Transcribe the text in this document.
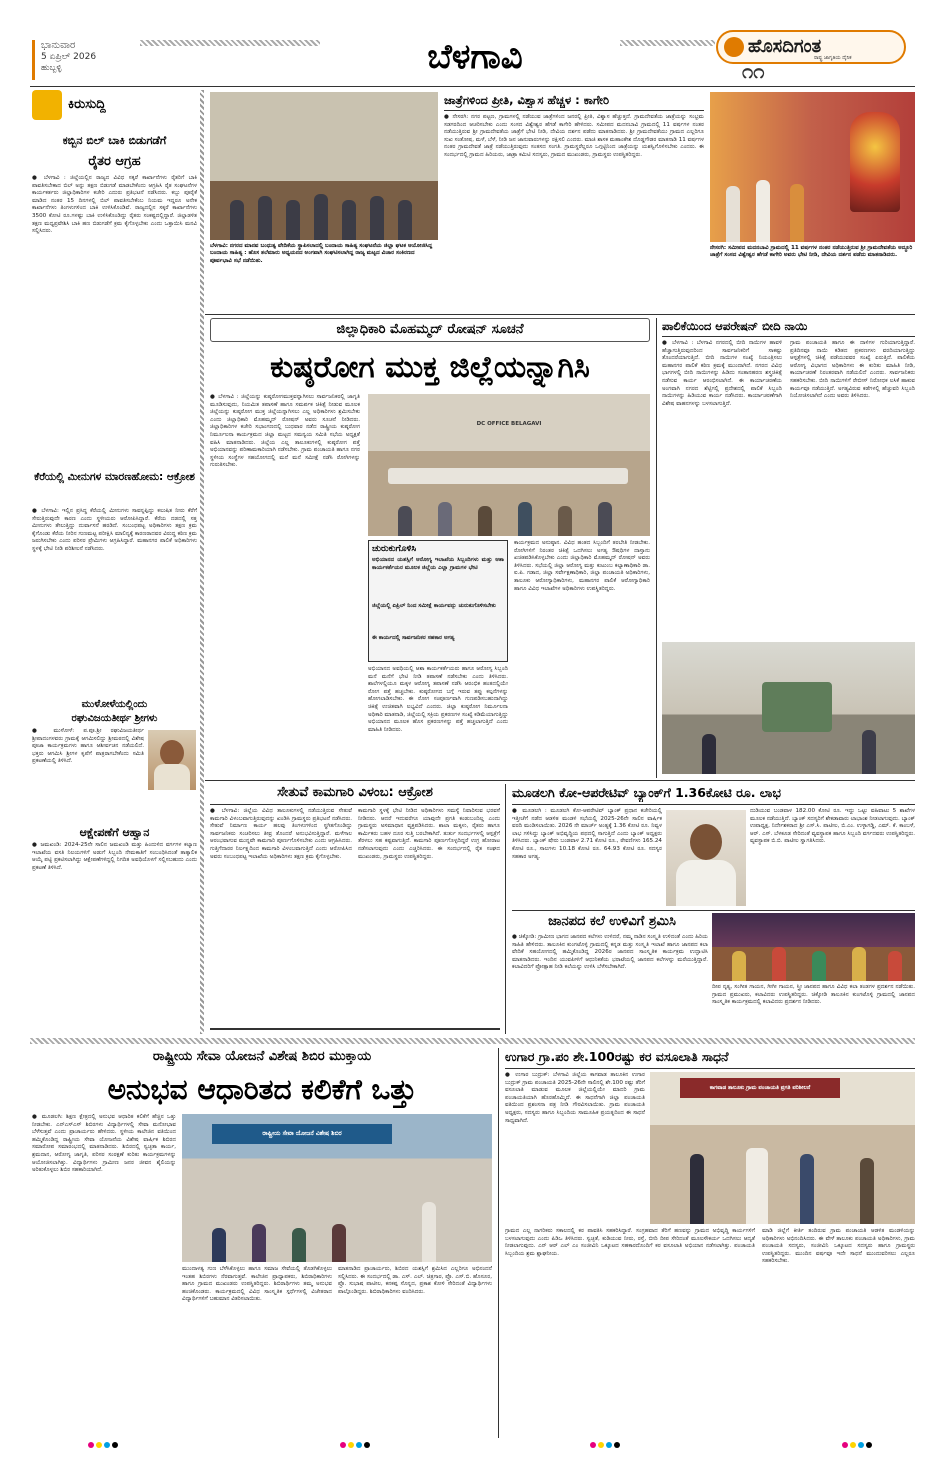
ಭಾನುವಾರ
5 ಏಪ್ರಿಲ್ 2026
ಹುಬ್ಬಳ್ಳಿ	ಬೆಳಗಾವಿ	ಹೊಸದಿಗಂತ
ರಾಷ್ಟ್ರ ಜಾಗೃತಿಯ ದೈನಿಕ
೧೧
ಕಿರುಸುದ್ದಿ
ಕಬ್ಬಿನ ಬಿಲ್ ಬಾಕಿ ಬಿಡುಗಡೆಗೆ
ರೈತರ ಆಗ್ರಹ
● ಬೆಳಗಾವಿ : ಜಿಲ್ಲೆಯಲ್ಲಿನ ರಾಜ್ಯದ ವಿವಿಧ ಸಕ್ಕರೆ ಕಾರ್ಖಾನೆಗಳು ರೈತರಿಗೆ ಬಾಕಿ ಪಾವತಿಸಬೇಕಾದ ಬಿಲ್ ಅನ್ನು ತಕ್ಷಣ ಬಿಡುಗಡೆ ಮಾಡಬೇಕೆಂದು ಆಗ್ರಹಿಸಿ ರೈತ ಸಂಘಟನೆಗಳ ಕಾರ್ಯಕರ್ತರು ಜಿಲ್ಲಾಧಿಕಾರಿಗಳ ಕಚೇರಿ ಎದುರು ಪ್ರತಿಭಟನೆ ನಡೆಸಿದರು. ಕಬ್ಬು ಪೂರೈಕೆ ಮಾಡಿದ ನಂತರ 15 ದಿನಗಳಲ್ಲಿ ಬಿಲ್ ಪಾವತಿಸಬೇಕೆಂಬ ನಿಯಮ ಇದ್ದರೂ ಅನೇಕ ಕಾರ್ಖಾನೆಗಳು ತಿಂಗಳುಗಳಿಂದ ಬಾಕಿ ಉಳಿಸಿಕೊಂಡಿವೆ. ರಾಜ್ಯದಲ್ಲಿನ ಸಕ್ಕರೆ ಕಾರ್ಖಾನೆಗಳು 3500 ಕೋಟಿ ರೂ.ಗಳಷ್ಟು ಬಾಕಿ ಉಳಿಸಿಕೊಂಡಿದ್ದು ರೈತರು ಸಂಕಷ್ಟದಲ್ಲಿದ್ದಾರೆ. ಜಿಲ್ಲಾಡಳಿತ ತಕ್ಷಣ ಮಧ್ಯಪ್ರವೇಶಿಸಿ ಬಾಕಿ ಹಣ ಬಿಡುಗಡೆಗೆ ಕ್ರಮ ಕೈಗೊಳ್ಳಬೇಕು ಎಂದು ಒತ್ತಾಯಿಸಿ ಮನವಿ ಸಲ್ಲಿಸಿದರು.
ಕೆರೆಯಲ್ಲಿ ಮೀನುಗಳ ಮಾರಣಹೋಮ: ಆಕ್ರೋಶ
● ಬೆಳಗಾವಿ: ಇಲ್ಲಿನ ಪ್ರಸಿದ್ಧ ಕೆರೆಯಲ್ಲಿ ಮೀನುಗಳು ಸಾವನ್ನಪ್ಪಿದ್ದು ಕಲುಷಿತ ನೀರು ಕೆರೆಗೆ ಸೇರುತ್ತಿರುವುದೇ ಕಾರಣ ಎಂದು ಸ್ಥಳೀಯರು ಆರೋಪಿಸಿದ್ದಾರೆ. ಕೆರೆಯ ದಡದಲ್ಲಿ ಸತ್ತ ಮೀನುಗಳು ತೇಲುತ್ತಿದ್ದು ದುರ್ವಾಸನೆ ಹರಡಿದೆ. ಸಂಬಂಧಪಟ್ಟ ಅಧಿಕಾರಿಗಳು ತಕ್ಷಣ ಕ್ರಮ ಕೈಗೊಂಡು ಕೆರೆಯ ನೀರಿನ ಗುಣಮಟ್ಟ ಪರೀಕ್ಷಿಸಿ ಮಾಲಿನ್ಯಕ್ಕೆ ಕಾರಣರಾದವರ ವಿರುದ್ಧ ಕಠಿಣ ಕ್ರಮ ಜರುಗಿಸಬೇಕು ಎಂದು ಪರಿಸರ ಪ್ರೇಮಿಗಳು ಆಗ್ರಹಿಸಿದ್ದಾರೆ. ಮಹಾನಗರ ಪಾಲಿಕೆ ಅಧಿಕಾರಿಗಳು ಸ್ಥಳಕ್ಕೆ ಭೇಟಿ ನೀಡಿ ಪರಿಶೀಲನೆ ನಡೆಸಿದರು.
ಮುಳೋಳೆಯಲ್ಲಿಂದು
ರಘುವಿಜಯತೀರ್ಥ ಶ್ರೀಗಳು
● ಮುಳೋಳೆ: ಪ.ಪೂ.ಶ್ರೀ ರಘುವಿಜಯತೀರ್ಥ ಶ್ರೀಪಾದಂಗಳವರು ಗ್ರಾಮಕ್ಕೆ ಆಗಮಿಸಲಿದ್ದು ಶ್ರೀಮಠದಲ್ಲಿ ವಿಶೇಷ ಪೂಜಾ ಕಾರ್ಯಕ್ರಮಗಳು ಹಾಗೂ ಆಶೀರ್ವಚನ ನಡೆಯಲಿದೆ. ಭಕ್ತರು ಆಗಮಿಸಿ ಶ್ರೀಗಳ ಕೃಪೆಗೆ ಪಾತ್ರರಾಗಬೇಕೆಂದು ಸಮಿತಿ ಪ್ರಕಟಣೆಯಲ್ಲಿ ತಿಳಿಸಿದೆ.
ಆಕ್ಷೇಪಣೆಗೆ ಆಹ್ವಾನ
● ಜಮಖಂಡಿ: 2024-25ನೇ ಸಾಲಿನ ಜಮಖಂಡಿ ಮತ್ತು ಹಿಂದುಳಿದ ವರ್ಗಗಳ ಕಲ್ಯಾಣ ಇಲಾಖೆಯ ವಸತಿ ನಿಲಯಗಳಿಗೆ ಅಡುಗೆ ಸಿಬ್ಬಂದಿ ನೇಮಕಾತಿಗೆ ಸಂಬಂಧಿಸಿದಂತೆ ತಾತ್ಕಾಲಿಕ ಆಯ್ಕೆ ಪಟ್ಟಿ ಪ್ರಕಟಿಸಲಾಗಿದ್ದು ಆಕ್ಷೇಪಣೆಗಳಿದ್ದಲ್ಲಿ ನಿಗದಿತ ಅವಧಿಯೊಳಗೆ ಸಲ್ಲಿಸಬಹುದು ಎಂದು ಪ್ರಕಟಣೆ ತಿಳಿಸಿದೆ.
ಬೆಳಗಾವಿ: ನಗರದ ಮಾನವ ಬಂಧುತ್ವ ವೇದಿಕೆಯ ಸ್ಥಾಪಿಸಲಾದಲ್ಲಿ ಬಂದಾಯ ಸಾಹಿತ್ಯ ಸಂಘಟನೆಯ ಜಿಲ್ಲಾ ಘಟಕ ಆಯೋಜಿಸಿದ್ದ ಬಂದಾಯ ಸಾಹಿತ್ಯ : ಹೊಸ ತಲೆಮಾರು ಅಧ್ಯಯನದ ಅಂಗವಾಗಿ ಸಂಘಟಿಸಲಾಗಿದ್ದ ರಾಜ್ಯ ಮಟ್ಟದ ವಿಚಾರ ಸಂಕಿರಣದ ಪೂರ್ವಭಾವಿ ಸಭೆ ನಡೆಯಿತು.
ಜಾತ್ರೆಗಳಿಂದ ಪ್ರೀತಿ, ವಿಶ್ವಾಸ ಹೆಚ್ಚಳ : ಕಾಗೇರಿ
● ನೇಸರಗಿ: ನಗರ ಪಟ್ಟಣ, ಗ್ರಾಮಗಳಲ್ಲಿ ನಡೆಯುವ ಜಾತ್ರೆಗಳಿಂದ ಜನರಲ್ಲಿ ಪ್ರೀತಿ, ವಿಶ್ವಾಸ ಹೆಚ್ಚುತ್ತದೆ. ಗ್ರಾಮದೇವತೆಯ ಜಾತ್ರೆಯನ್ನು ಸಂಭ್ರಮ ಸಡಗರದಿಂದ ಆಚರಿಸಬೇಕು ಎಂದು ಸಂಸದ ವಿಶ್ವೇಶ್ವರ ಹೆಗಡೆ ಕಾಗೇರಿ ಹೇಳಿದರು. ಸಮೀಪದ ಮದನಬಾವಿ ಗ್ರಾಮದಲ್ಲಿ 11 ವರ್ಷಗಳ ನಂತರ ನಡೆಯುತ್ತಿರುವ ಶ್ರೀ ಗ್ರಾಮದೇವತೆಯ ಜಾತ್ರೆಗೆ ಭೇಟಿ ನೀಡಿ, ದೇವಿಯ ದರ್ಶನ ಪಡೆದು ಮಾತನಾಡಿದರು. ಶ್ರೀ ಗ್ರಾಮದೇವತೆಯು ಗ್ರಾಮದ ಎಲ್ಲರಿಗೂ ಸುಖ ಸಂತೋಷ, ಮಳೆ, ಬೆಳೆ, ನೀಡಿ ಜನ ಜಾನುವಾರುಗಳನ್ನು ರಕ್ಷಿಸಲಿ ಎಂದರು. ಮಾಜಿ ಶಾಸಕ ಮಹಾಂತೇಶ ದೊಡ್ಡಗೌಡರ ಮಾತನಾಡಿ 11 ವರ್ಷಗಳ ನಂತರ ಗ್ರಾಮದೇವತೆ ಜಾತ್ರೆ ನಡೆಯುತ್ತಿರುವುದು ಸಂತಸದ ಸಂಗತಿ. ಗ್ರಾಮಸ್ಥರೆಲ್ಲರೂ ಒಗ್ಗಟ್ಟಿನಿಂದ ಜಾತ್ರೆಯನ್ನು ಯಶಸ್ವಿಗೊಳಿಸಬೇಕು ಎಂದರು. ಈ ಸಂದರ್ಭದಲ್ಲಿ ಗ್ರಾಮದ ಹಿರಿಯರು, ಜಾತ್ರಾ ಕಮಿಟಿ ಸದಸ್ಯರು, ಗ್ರಾಮದ ಮುಖಂಡರು, ಗ್ರಾಮಸ್ಥರು ಉಪಸ್ಥಿತರಿದ್ದರು.
ನೇಸರಗಿ: ಸಮೀಪದ ಮದನಬಾವಿ ಗ್ರಾಮದಲ್ಲಿ 11 ವರ್ಷಗಳ ನಂತರ ನಡೆಯುತ್ತಿರುವ ಶ್ರೀ ಗ್ರಾಮದೇವತೆಯ ಅದ್ಧೂರಿ ಜಾತ್ರೆಗೆ ಸಂಸದ ವಿಶ್ವೇಶ್ವರ ಹೆಗಡೆ ಕಾಗೇರಿ ಅವರು ಭೇಟಿ ನೀಡಿ, ದೇವಿಯ ದರ್ಶನ ಪಡೆದು ಮಾತನಾಡಿದರು.
ಜಿಲ್ಲಾಧಿಕಾರಿ ಮೊಹಮ್ಮದ್ ರೋಷನ್ ಸೂಚನೆ
ಕುಷ್ಠರೋಗ ಮುಕ್ತ ಜಿಲ್ಲೆಯನ್ನಾಗಿಸಿ
● ಬೆಳಗಾವಿ : ಜಿಲ್ಲೆಯನ್ನು ಕುಷ್ಠರೋಗಮುಕ್ತವನ್ನಾಗಿಸಲು ಸಾರ್ವಜನಿಕರಲ್ಲಿ ಜಾಗೃತಿ ಮೂಡಿಸುವುದು, ನಿಯಮಿತ ತಪಾಸಣೆ ಹಾಗೂ ಸಮರ್ಪಕ ಚಿಕಿತ್ಸೆ ನೀಡುವ ಮೂಲಕ ಜಿಲ್ಲೆಯನ್ನು ಕುಷ್ಠರೋಗ ಮುಕ್ತ ಜಿಲ್ಲೆಯನ್ನಾಗಿಸಲು ಎಲ್ಲ ಅಧಿಕಾರಿಗಳು ಶ್ರಮಿಸಬೇಕು ಎಂದು ಜಿಲ್ಲಾಧಿಕಾರಿ ಮೊಹಮ್ಮದ್ ರೋಷನ್ ಅವರು ಸೂಚನೆ ನೀಡಿದರು. ಜಿಲ್ಲಾಧಿಕಾರಿಗಳ ಕಚೇರಿ ಸಭಾಂಗಣದಲ್ಲಿ ಬುಧವಾರ ನಡೆದ ರಾಷ್ಟ್ರೀಯ ಕುಷ್ಠರೋಗ ನಿರ್ಮೂಲನಾ ಕಾರ್ಯಕ್ರಮದ ಜಿಲ್ಲಾ ಮಟ್ಟದ ಸಮನ್ವಯ ಸಮಿತಿ ಸಭೆಯ ಅಧ್ಯಕ್ಷತೆ ವಹಿಸಿ ಮಾತನಾಡಿದರು. ಜಿಲ್ಲೆಯ ಎಲ್ಲ ತಾಲೂಕುಗಳಲ್ಲಿ ಕುಷ್ಠರೋಗ ಪತ್ತೆ ಅಭಿಯಾನವನ್ನು ಪರಿಣಾಮಕಾರಿಯಾಗಿ ನಡೆಸಬೇಕು. ಗ್ರಾಮ ಪಂಚಾಯತಿ ಹಾಗೂ ನಗರ ಸ್ಥಳೀಯ ಸಂಸ್ಥೆಗಳ ಸಹಯೋಗದಲ್ಲಿ ಮನೆ ಮನೆ ಸಮೀಕ್ಷೆ ನಡೆಸಿ ರೋಗಿಗಳನ್ನು ಗುರುತಿಸಬೇಕು.
DC OFFICE BELAGAVI
ಚುರುಕುಗೊಳಿಸಿ
ಅಭಿಯಾನದ ಯಶಸ್ಸಿಗೆ ಆರೋಗ್ಯ ಇಲಾಖೆಯ ಸಿಬ್ಬಂದಿಗಳು ಮತ್ತು ಆಶಾ ಕಾರ್ಯಕರ್ತೆಯರ ಮೂಲಕ ಜಿಲ್ಲೆಯ ಎಲ್ಲಾ ಗ್ರಾಮಗಳ ಭೇಟಿ
ಜಿಲ್ಲೆಯಲ್ಲಿ ಏಪ್ರಿಲ್ ನಿಂದ ಸಮೀಕ್ಷೆ ಕಾರ್ಯವನ್ನು ಚುರುಕುಗೊಳಿಸಬೇಕು
ಈ ಕಾರ್ಯದಲ್ಲಿ ಸಾರ್ವಜನಿಕರ ಸಹಕಾರ ಅಗತ್ಯ
ಅಭಿಯಾನದ ಅವಧಿಯಲ್ಲಿ ಆಶಾ ಕಾರ್ಯಕರ್ತೆಯರು ಹಾಗೂ ಆರೋಗ್ಯ ಸಿಬ್ಬಂದಿ ಮನೆ ಮನೆಗೆ ಭೇಟಿ ನೀಡಿ ತಪಾಸಣೆ ನಡೆಸಬೇಕು ಎಂದು ತಿಳಿಸಿದರು. ಶಾಲೆಗಳಲ್ಲಿಯೂ ಮಕ್ಕಳ ಆರೋಗ್ಯ ತಪಾಸಣೆ ನಡೆಸಿ ಆರಂಭಿಕ ಹಂತದಲ್ಲಿಯೇ ರೋಗ ಪತ್ತೆ ಹಚ್ಚಬೇಕು. ಕುಷ್ಠರೋಗದ ಬಗ್ಗೆ ಇರುವ ತಪ್ಪು ಕಲ್ಪನೆಗಳನ್ನು ಹೋಗಲಾಡಿಸಬೇಕು. ಈ ರೋಗ ಸಂಪೂರ್ಣವಾಗಿ ಗುಣಪಡಿಸಬಹುದಾಗಿದ್ದು ಚಿಕಿತ್ಸೆ ಉಚಿತವಾಗಿ ಲಭ್ಯವಿದೆ ಎಂದರು. ಜಿಲ್ಲಾ ಕುಷ್ಠರೋಗ ನಿರ್ಮೂಲನಾ ಅಧಿಕಾರಿ ಮಾತನಾಡಿ, ಜಿಲ್ಲೆಯಲ್ಲಿ ಸಕ್ರಿಯ ಪ್ರಕರಣಗಳ ಸಂಖ್ಯೆ ಕಡಿಮೆಯಾಗುತ್ತಿದ್ದು ಅಭಿಯಾನದ ಮೂಲಕ ಹೊಸ ಪ್ರಕರಣಗಳನ್ನು ಪತ್ತೆ ಹಚ್ಚಲಾಗುತ್ತಿದೆ ಎಂದು ಮಾಹಿತಿ ನೀಡಿದರು.
ಕಾರ್ಯಕ್ರಮದ ಅನುಷ್ಠಾನ. ವಿವಿಧ ಹಂತದ ಸಿಬ್ಬಂದಿಗೆ ತರಬೇತಿ ನೀಡಬೇಕು. ರೋಗಿಗಳಿಗೆ ನಿರಂತರ ಚಿಕಿತ್ಸೆ ಒದಗಿಸಲು ಅಗತ್ಯ ಔಷಧಿಗಳ ದಾಸ್ತಾನು ಖಚಿತಪಡಿಸಿಕೊಳ್ಳಬೇಕು ಎಂದು ಜಿಲ್ಲಾಧಿಕಾರಿ ಮೊಹಮ್ಮದ್ ರೋಷನ್ ಅವರು ತಿಳಿಸಿದರು. ಸಭೆಯಲ್ಲಿ ಜಿಲ್ಲಾ ಆರೋಗ್ಯ ಮತ್ತು ಕುಟುಂಬ ಕಲ್ಯಾಣಾಧಿಕಾರಿ ಡಾ. ಐ.ಪಿ. ಗಡಾದ, ಜಿಲ್ಲಾ ಸರ್ವೇಕ್ಷಣಾಧಿಕಾರಿ, ಜಿಲ್ಲಾ ಪಂಚಾಯತಿ ಅಧಿಕಾರಿಗಳು, ತಾಲೂಕು ಆರೋಗ್ಯಾಧಿಕಾರಿಗಳು, ಮಹಾನಗರ ಪಾಲಿಕೆ ಆರೋಗ್ಯಾಧಿಕಾರಿ ಹಾಗೂ ವಿವಿಧ ಇಲಾಖೆಗಳ ಅಧಿಕಾರಿಗಳು ಉಪಸ್ಥಿತರಿದ್ದರು.
ಪಾಲಿಕೆಯಿಂದ ಆಪರೇಷನ್ ಬೀದಿ ನಾಯಿ
● ಬೆಳಗಾವಿ : ಬೆಳಗಾವಿ ನಗರದಲ್ಲಿ ಬೀದಿ ನಾಯಿಗಳ ಹಾವಳಿ ಹೆಚ್ಚಾಗುತ್ತಿರುವುದರಿಂದ ಸಾರ್ವಜನಿಕರಿಗೆ ಸಾಕಷ್ಟು ತೊಂದರೆಯಾಗುತ್ತಿದೆ. ಬೀದಿ ನಾಯಿಗಳ ಸಂಖ್ಯೆ ನಿಯಂತ್ರಿಸಲು ಮಹಾನಗರ ಪಾಲಿಕೆ ಕಠಿಣ ಕ್ರಮಕ್ಕೆ ಮುಂದಾಗಿದೆ. ನಗರದ ವಿವಿಧ ಭಾಗಗಳಲ್ಲಿ ಬೀದಿ ನಾಯಿಗಳನ್ನು ಹಿಡಿದು ಸಂತಾನಹರಣ ಶಸ್ತ್ರಚಿಕಿತ್ಸೆ ನಡೆಸುವ ಕಾರ್ಯ ಆರಂಭಿಸಲಾಗಿದೆ. ಈ ಕಾರ್ಯಾಚರಣೆಯ ಅಂಗವಾಗಿ ನಗರದ ಶೆಟ್ಟಿಗಲ್ಲಿ ಪ್ರದೇಶದಲ್ಲಿ ಪಾಲಿಕೆ ಸಿಬ್ಬಂದಿ ನಾಯಿಗಳನ್ನು ಹಿಡಿಯುವ ಕಾರ್ಯ ನಡೆಸಿದರು. ಕಾರ್ಯಾಚರಣೆಗಾಗಿ ವಿಶೇಷ ವಾಹನಗಳನ್ನು ಬಳಸಲಾಗುತ್ತಿದೆ.
ಗ್ರಾಮ ಪಂಚಾಯತಿ ಹಾಗೂ ಈ ದಾಳಿಗಳ ಗುರಿಯಾಗುತ್ತಿದ್ದಾರೆ. ಪ್ರತಿದಿನವೂ ನಾಯಿ ಕಡಿತದ ಪ್ರಕರಣಗಳು ವರದಿಯಾಗುತ್ತಿದ್ದು ಆಸ್ಪತ್ರೆಗಳಲ್ಲಿ ಚಿಕಿತ್ಸೆ ಪಡೆಯುವವರ ಸಂಖ್ಯೆ ಏರುತ್ತಿದೆ. ಪಾಲಿಕೆಯ ಆರೋಗ್ಯ ವಿಭಾಗದ ಅಧಿಕಾರಿಗಳು ಈ ಕುರಿತು ಮಾಹಿತಿ ನೀಡಿ, ಕಾರ್ಯಾಚರಣೆ ನಿರಂತರವಾಗಿ ನಡೆಯಲಿದೆ ಎಂದರು. ಸಾರ್ವಜನಿಕರು ಸಹಕರಿಸಬೇಕು. ಬೀದಿ ನಾಯಿಗಳಿಗೆ ರೇಬೀಸ್ ನಿರೋಧಕ ಲಸಿಕೆ ಹಾಕುವ ಕಾರ್ಯವೂ ನಡೆಯುತ್ತಿದೆ. ಅಗತ್ಯವಿರುವ ಕಡೆಗಳಲ್ಲಿ ಹೆಚ್ಚುವರಿ ಸಿಬ್ಬಂದಿ ನಿಯೋಜಿಸಲಾಗಿದೆ ಎಂದು ಅವರು ತಿಳಿಸಿದರು.
ಸೇತುವೆ ಕಾಮಗಾರಿ ವಿಳಂಬ: ಆಕ್ರೋಶ
● ಬೆಳಗಾವಿ: ಜಿಲ್ಲೆಯ ವಿವಿಧ ತಾಲೂಕುಗಳಲ್ಲಿ ನಡೆಯುತ್ತಿರುವ ಸೇತುವೆ ಕಾಮಗಾರಿ ವಿಳಂಬವಾಗುತ್ತಿರುವುದನ್ನು ಖಂಡಿಸಿ ಗ್ರಾಮಸ್ಥರು ಪ್ರತಿಭಟನೆ ನಡೆಸಿದರು. ಸೇತುವೆ ನಿರ್ಮಾಣ ಕಾರ್ಯ ಹಲವು ತಿಂಗಳುಗಳಿಂದ ಸ್ಥಗಿತಗೊಂಡಿದ್ದು ಸಾರ್ವಜನಿಕರು ಸಂಚರಿಸಲು ತೀವ್ರ ತೊಂದರೆ ಅನುಭವಿಸುತ್ತಿದ್ದಾರೆ. ಮಳೆಗಾಲ ಆರಂಭವಾಗುವ ಮುನ್ನವೇ ಕಾಮಗಾರಿ ಪೂರ್ಣಗೊಳಿಸಬೇಕು ಎಂದು ಆಗ್ರಹಿಸಿದರು. ಗುತ್ತಿಗೆದಾರರ ನಿರ್ಲಕ್ಷ್ಯದಿಂದ ಕಾಮಗಾರಿ ವಿಳಂಬವಾಗುತ್ತಿದೆ ಎಂದು ಆರೋಪಿಸಿದ ಅವರು ಸಂಬಂಧಪಟ್ಟ ಇಲಾಖೆಯ ಅಧಿಕಾರಿಗಳು ತಕ್ಷಣ ಕ್ರಮ ಕೈಗೊಳ್ಳಬೇಕು.
ಕಾಮಗಾರಿ ಸ್ಥಳಕ್ಕೆ ಭೇಟಿ ನೀಡಿದ ಅಧಿಕಾರಿಗಳು ಸಮಸ್ಯೆ ನಿವಾರಿಸುವ ಭರವಸೆ ನೀಡಿದರು. ಆದರೆ ಇದುವರೆಗೂ ಯಾವುದೇ ಪ್ರಗತಿ ಕಂಡುಬಂದಿಲ್ಲ ಎಂದು ಗ್ರಾಮಸ್ಥರು ಅಸಮಾಧಾನ ವ್ಯಕ್ತಪಡಿಸಿದರು. ಶಾಲಾ ಮಕ್ಕಳು, ರೈತರು ಹಾಗೂ ಕಾರ್ಮಿಕರು ಬಹಳ ದೂರ ಸುತ್ತಿ ಬರಬೇಕಾಗಿದೆ. ತುರ್ತು ಸಂದರ್ಭಗಳಲ್ಲಿ ಆಸ್ಪತ್ರೆಗೆ ತೆರಳಲು ಸಹ ಕಷ್ಟವಾಗುತ್ತಿದೆ. ಕಾಮಗಾರಿ ಪೂರ್ಣಗೊಳ್ಳದಿದ್ದರೆ ಉಗ್ರ ಹೋರಾಟ ನಡೆಸಲಾಗುವುದು ಎಂದು ಎಚ್ಚರಿಸಿದರು. ಈ ಸಂದರ್ಭದಲ್ಲಿ ರೈತ ಸಂಘದ ಮುಖಂಡರು, ಗ್ರಾಮಸ್ಥರು ಉಪಸ್ಥಿತರಿದ್ದರು.
ಮೂಡಲಗಿ ಕೋ-ಆಪರೇಟಿವ್ ಬ್ಯಾಂಕ್‌ಗೆ 1.36ಕೋಟಿ ರೂ. ಲಾಭ
● ಮೂಡಲಗಿ : ಮೂಡಲಗಿ ಕೋ-ಆಪರೇಟಿವ್ ಬ್ಯಾಂಕ್ ಪ್ರಧಾನ ಕಚೇರಿಯಲ್ಲಿ ಇತ್ತೀಚೆಗೆ ನಡೆದ ಆಡಳಿತ ಮಂಡಳಿ ಸಭೆಯಲ್ಲಿ 2025-26ನೇ ಸಾಲಿನ ವಾರ್ಷಿಕ ವರದಿ ಮಂಡಿಸಲಾಯಿತು. 2026 ನೇ ಮಾರ್ಚ್ ಅಂತ್ಯಕ್ಕೆ 1.36 ಕೋಟಿ ರೂ. ನಿವ್ವಳ ಲಾಭ ಗಳಿಸಿದ್ದು ಬ್ಯಾಂಕ್ ಅಭಿವೃದ್ಧಿಯ ಪಥದಲ್ಲಿ ಸಾಗುತ್ತಿದೆ ಎಂದು ಬ್ಯಾಂಕ್ ಅಧ್ಯಕ್ಷರು ತಿಳಿಸಿದರು. ಬ್ಯಾಂಕ್ ಷೇರು ಬಂಡವಾಳ 2.71 ಕೋಟಿ ರೂ., ಠೇವಣಿಗಳು 165.24 ಕೋಟಿ ರೂ., ಸಾಲಗಳು 10.18 ಕೋಟಿ ರೂ. 64.93 ಕೋಟಿ ರೂ. ಸದಸ್ಯರ ಸಹಕಾರ ಅಗತ್ಯ.
ದುಡಿಯುವ ಬಂಡವಾಳ 182.00 ಕೋಟಿ ರೂ. ಇದ್ದು ಒಟ್ಟು ವಹಿವಾಟು 5 ಶಾಖೆಗಳ ಮೂಲಕ ನಡೆಯುತ್ತಿದೆ. ಬ್ಯಾಂಕ್ ಸದಸ್ಯರಿಗೆ ಶೇಕಡಾವಾರು ಲಾಭಾಂಶ ನೀಡಲಾಗುವುದು. ಬ್ಯಾಂಕ್ ಉಪಾಧ್ಯಕ್ಷ, ನಿರ್ದೇಶಕರಾದ ಶ್ರೀ ಎಸ್.ಸಿ. ಪಾಟೀಲ, ಬಿ.ಎಂ. ಉಳ್ಳಾಗಡ್ಡಿ, ಎಮ್. ಕೆ. ಕಾಂಬಳೆ, ಆರ್. ಎಸ್. ಬೆಳಕೂಡ ಸೇರಿದಂತೆ ವ್ಯವಸ್ಥಾಪಕ ಹಾಗೂ ಸಿಬ್ಬಂದಿ ವರ್ಗದವರು ಉಪಸ್ಥಿತರಿದ್ದರು. ವ್ಯವಸ್ಥಾಪಕ ಬಿ.ಬಿ. ಪಾಟೀಲ ಸ್ವಾಗತಿಸಿದರು.
ಜಾನಪದ ಕಲೆ ಉಳಿವಿಗೆ ಶ್ರಮಿಸಿ
● ಚಿಕ್ಕೋಡಿ: ಗ್ರಾಮೀಣ ಭಾಗದ ಜಾನಪದ ಕಲೆಗಳು ಉಳಿದರೆ, ನಮ್ಮ ನಾಡಿನ ಸಂಸ್ಕೃತಿ ಉಳಿದಂತೆ ಎಂದು ಹಿರಿಯ ಸಾಹಿತಿ ಹೇಳಿದರು. ತಾಲೂಕಿನ ಕುಂಗಟೊಳ್ಳಿ ಗ್ರಾಮದಲ್ಲಿ ಕನ್ನಡ ಮತ್ತು ಸಂಸ್ಕೃತಿ ಇಲಾಖೆ ಹಾಗೂ ಜಾನಪದ ಕಲಾ ವೇದಿಕೆ ಸಹಯೋಗದಲ್ಲಿ ಹಮ್ಮಿಕೊಂಡಿದ್ದ 2026ರ ಜಾನಪದ ಸಾಂಸ್ಕೃತಿಕ ಕಾರ್ಯಕ್ರಮ ಉದ್ಘಾಟಿಸಿ ಮಾತನಾಡಿದರು. ಇಂದಿನ ಯುವಪೀಳಿಗೆ ಆಧುನಿಕತೆಯ ಭರಾಟೆಯಲ್ಲಿ ಜಾನಪದ ಕಲೆಗಳನ್ನು ಮರೆಯುತ್ತಿದ್ದಾರೆ. ಕಲಾವಿದರಿಗೆ ಪ್ರೋತ್ಸಾಹ ನೀಡಿ ಕಲೆಯನ್ನು ಉಳಿಸಿ ಬೆಳೆಸಬೇಕಾಗಿದೆ.
ದೀಪ ನೃತ್ಯ, ಸಂಗೀತ ಗಾಯನ, ಗೀಗೀ ಗಾಯನ, ಸ್ತ್ರೀ ಜಾನಪದ ಹಾಗೂ ವಿವಿಧ ಕಲಾ ತಂಡಗಳ ಪ್ರದರ್ಶನ ನಡೆಯಿತು. ಗ್ರಾಮದ ಪ್ರಮುಖರು, ಕಲಾವಿದರು ಉಪಸ್ಥಿತರಿದ್ದರು. ಚಿಕ್ಕೋಡಿ ತಾಲೂಕಿನ ಕುಂಗಟೊಳ್ಳಿ ಗ್ರಾಮದಲ್ಲಿ ಜಾನಪದ ಸಾಂಸ್ಕೃತಿಕ ಕಾರ್ಯಕ್ರಮದಲ್ಲಿ ಕಲಾವಿದರು ಪ್ರದರ್ಶನ ನೀಡಿದರು.
ರಾಷ್ಟ್ರೀಯ ಸೇವಾ ಯೋಜನೆ ವಿಶೇಷ ಶಿಬಿರ ಮುಕ್ತಾಯ
ಅನುಭವ ಆಧಾರಿತದ ಕಲಿಕೆಗೆ ಒತ್ತು
● ಮೂಡಲಗಿ: ಶಿಕ್ಷಣ ಕ್ಷೇತ್ರದಲ್ಲಿ ಅನುಭವ ಆಧಾರಿತ ಕಲಿಕೆಗೆ ಹೆಚ್ಚಿನ ಒತ್ತು ನೀಡಬೇಕು. ಎನ್‌ಎಸ್‌ಎಸ್ ಶಿಬಿರಗಳು ವಿದ್ಯಾರ್ಥಿಗಳಲ್ಲಿ ಸೇವಾ ಮನೋಭಾವ ಬೆಳೆಸುತ್ತವೆ ಎಂದು ಪ್ರಾಚಾರ್ಯರು ಹೇಳಿದರು. ಸ್ಥಳೀಯ ಕಾಲೇಜಿನ ವತಿಯಿಂದ ಹಮ್ಮಿಕೊಂಡಿದ್ದ ರಾಷ್ಟ್ರೀಯ ಸೇವಾ ಯೋಜನೆಯ ವಿಶೇಷ ವಾರ್ಷಿಕ ಶಿಬಿರದ ಸಮಾರೋಪ ಸಮಾರಂಭದಲ್ಲಿ ಮಾತನಾಡಿದರು. ಶಿಬಿರದಲ್ಲಿ ಸ್ವಚ್ಛತಾ ಕಾರ್ಯ, ಶ್ರಮದಾನ, ಆರೋಗ್ಯ ಜಾಗೃತಿ, ಪರಿಸರ ಸಂರಕ್ಷಣೆ ಕುರಿತು ಕಾರ್ಯಕ್ರಮಗಳನ್ನು ಆಯೋಜಿಸಲಾಗಿತ್ತು. ವಿದ್ಯಾರ್ಥಿಗಳು ಗ್ರಾಮೀಣ ಜನರ ಜೀವನ ಶೈಲಿಯನ್ನು ಅರಿತುಕೊಳ್ಳಲು ಶಿಬಿರ ಸಹಕಾರಿಯಾಗಿದೆ.
ರಾಷ್ಟ್ರೀಯ ಸೇವಾ ಯೋಜನೆ ವಿಶೇಷ ಶಿಬಿರ
ಮುಂದಾಳತ್ವ ಗುಣ ಬೆಳೆಸಿಕೊಳ್ಳಲು ಹಾಗೂ ಸಮಾಜ ಸೇವೆಯಲ್ಲಿ ತೊಡಗಿಕೊಳ್ಳಲು ಇಂತಹ ಶಿಬಿರಗಳು ನೆರವಾಗುತ್ತವೆ. ಕಾಲೇಜಿನ ಪ್ರಾಧ್ಯಾಪಕರು, ಶಿಬಿರಾಧಿಕಾರಿಗಳು ಹಾಗೂ ಗ್ರಾಮದ ಮುಖಂಡರು ಉಪಸ್ಥಿತರಿದ್ದರು. ಶಿಬಿರಾರ್ಥಿಗಳು ತಮ್ಮ ಅನುಭವ ಹಂಚಿಕೊಂಡರು. ಕಾರ್ಯಕ್ರಮದಲ್ಲಿ ವಿವಿಧ ಸಾಂಸ್ಕೃತಿಕ ಸ್ಪರ್ಧೆಗಳಲ್ಲಿ ವಿಜೇತರಾದ ವಿದ್ಯಾರ್ಥಿಗಳಿಗೆ ಬಹುಮಾನ ವಿತರಿಸಲಾಯಿತು.
ಮಾತನಾಡಿದ ಪ್ರಾಚಾರ್ಯರು, ಶಿಬಿರದ ಯಶಸ್ಸಿಗೆ ಶ್ರಮಿಸಿದ ಎಲ್ಲರಿಗೂ ಅಭಿನಂದನೆ ಸಲ್ಲಿಸಿದರು. ಈ ಸಂದರ್ಭದಲ್ಲಿ ಡಾ. ಎಸ್. ಎಲ್. ಚಿತ್ರಗಾರ, ಪ್ರೊ. ಎಸ್.ಬಿ. ಹೊಸೂರ, ಪ್ರೊ. ಸುಭಾಷ ಪಾಟೀಲ, ಕನಕಪ್ಪ ಸೊನ್ನದ, ಪ್ರಕಾಶ ಕೋಳಿ ಸೇರಿದಂತೆ ವಿದ್ಯಾರ್ಥಿಗಳು ಪಾಲ್ಗೊಂಡಿದ್ದರು. ಶಿಬಿರಾಧಿಕಾರಿಗಳು ವಂದಿಸಿದರು.
ಉಗಾರ ಗ್ರಾ.ಪಂ ಶೇ.100ರಷ್ಟು ಕರ ವಸೂಲಾತಿ ಸಾಧನೆ
● ಉಗಾರ ಬುದ್ರುಕ್: ಬೆಳಗಾವಿ ಜಿಲ್ಲೆಯ ಕಾಗವಾಡ ತಾಲೂಕಿನ ಉಗಾರ ಬುದ್ರುಕ್ ಗ್ರಾಮ ಪಂಚಾಯತಿ 2025-26ನೇ ಸಾಲಿನಲ್ಲಿ ಶೇ.100 ರಷ್ಟು ತೆರಿಗೆ ವಸೂಲಾತಿ ಮಾಡುವ ಮೂಲಕ ಜಿಲ್ಲೆಯಲ್ಲಿಯೇ ಮಾದರಿ ಗ್ರಾಮ ಪಂಚಾಯತಿಯಾಗಿ ಹೊರಹೊಮ್ಮಿದೆ. ಈ ಸಾಧನೆಗಾಗಿ ಜಿಲ್ಲಾ ಪಂಚಾಯತಿ ವತಿಯಿಂದ ಪ್ರಶಂಸನಾ ಪತ್ರ ನೀಡಿ ಗೌರವಿಸಲಾಯಿತು. ಗ್ರಾಮ ಪಂಚಾಯತಿ ಅಧ್ಯಕ್ಷರು, ಸದಸ್ಯರು ಹಾಗೂ ಸಿಬ್ಬಂದಿಯ ಸಾಮೂಹಿಕ ಪ್ರಯತ್ನದಿಂದ ಈ ಸಾಧನೆ ಸಾಧ್ಯವಾಗಿದೆ.
ಕಾಗವಾಡ ತಾಲೂಕು ಗ್ರಾಮ ಪಂಚಾಯತಿ ಪ್ರಗತಿ ಪರಿಶೀಲನೆ
ಗ್ರಾಮದ ಎಲ್ಲ ನಾಗರಿಕರು ಸಕಾಲದಲ್ಲಿ ಕರ ಪಾವತಿಸಿ ಸಹಕರಿಸಿದ್ದಾರೆ. ಸಂಗ್ರಹವಾದ ತೆರಿಗೆ ಹಣವನ್ನು ಗ್ರಾಮದ ಅಭಿವೃದ್ಧಿ ಕಾರ್ಯಗಳಿಗೆ ಬಳಸಲಾಗುವುದು ಎಂದು ಪಿಡಿಒ ತಿಳಿಸಿದರು. ಸ್ವಚ್ಛತೆ, ಕುಡಿಯುವ ನೀರು, ರಸ್ತೆ, ಬೀದಿ ದೀಪ ಸೇರಿದಂತೆ ಮೂಲಸೌಕರ್ಯ ಒದಗಿಸಲು ಆದ್ಯತೆ ನೀಡಲಾಗುವುದು. ಎನ್ ಆರ್ ಎಲ್ ಎಂ ಸಂಜೀವಿನಿ ಒಕ್ಕೂಟದ ಸಹಕಾರದೊಂದಿಗೆ ಕರ ವಸೂಲಾತಿ ಅಭಿಯಾನ ನಡೆಸಲಾಗಿತ್ತು. ಪಂಚಾಯತಿ ಸಿಬ್ಬಂದಿಯ ಶ್ರಮ ಶ್ಲಾಘನೀಯ.
ಮಾಡಿ ಜಿಲ್ಲೆಗೆ ಕೀರ್ತಿ ತಂದಿರುವ ಗ್ರಾಮ ಪಂಚಾಯತಿ ಆಡಳಿತ ಮಂಡಳಿಯನ್ನು ಅಧಿಕಾರಿಗಳು ಅಭಿನಂದಿಸಿದರು. ಈ ವೇಳೆ ತಾಲೂಕು ಪಂಚಾಯತಿ ಅಧಿಕಾರಿಗಳು, ಗ್ರಾಮ ಪಂಚಾಯತಿ ಸದಸ್ಯರು, ಸಂಜೀವಿನಿ ಒಕ್ಕೂಟದ ಸದಸ್ಯರು ಹಾಗೂ ಗ್ರಾಮಸ್ಥರು ಉಪಸ್ಥಿತರಿದ್ದರು. ಮುಂದಿನ ವರ್ಷವೂ ಇದೇ ಸಾಧನೆ ಮುಂದುವರಿಸಲು ಎಲ್ಲರೂ ಸಹಕರಿಸಬೇಕು.
